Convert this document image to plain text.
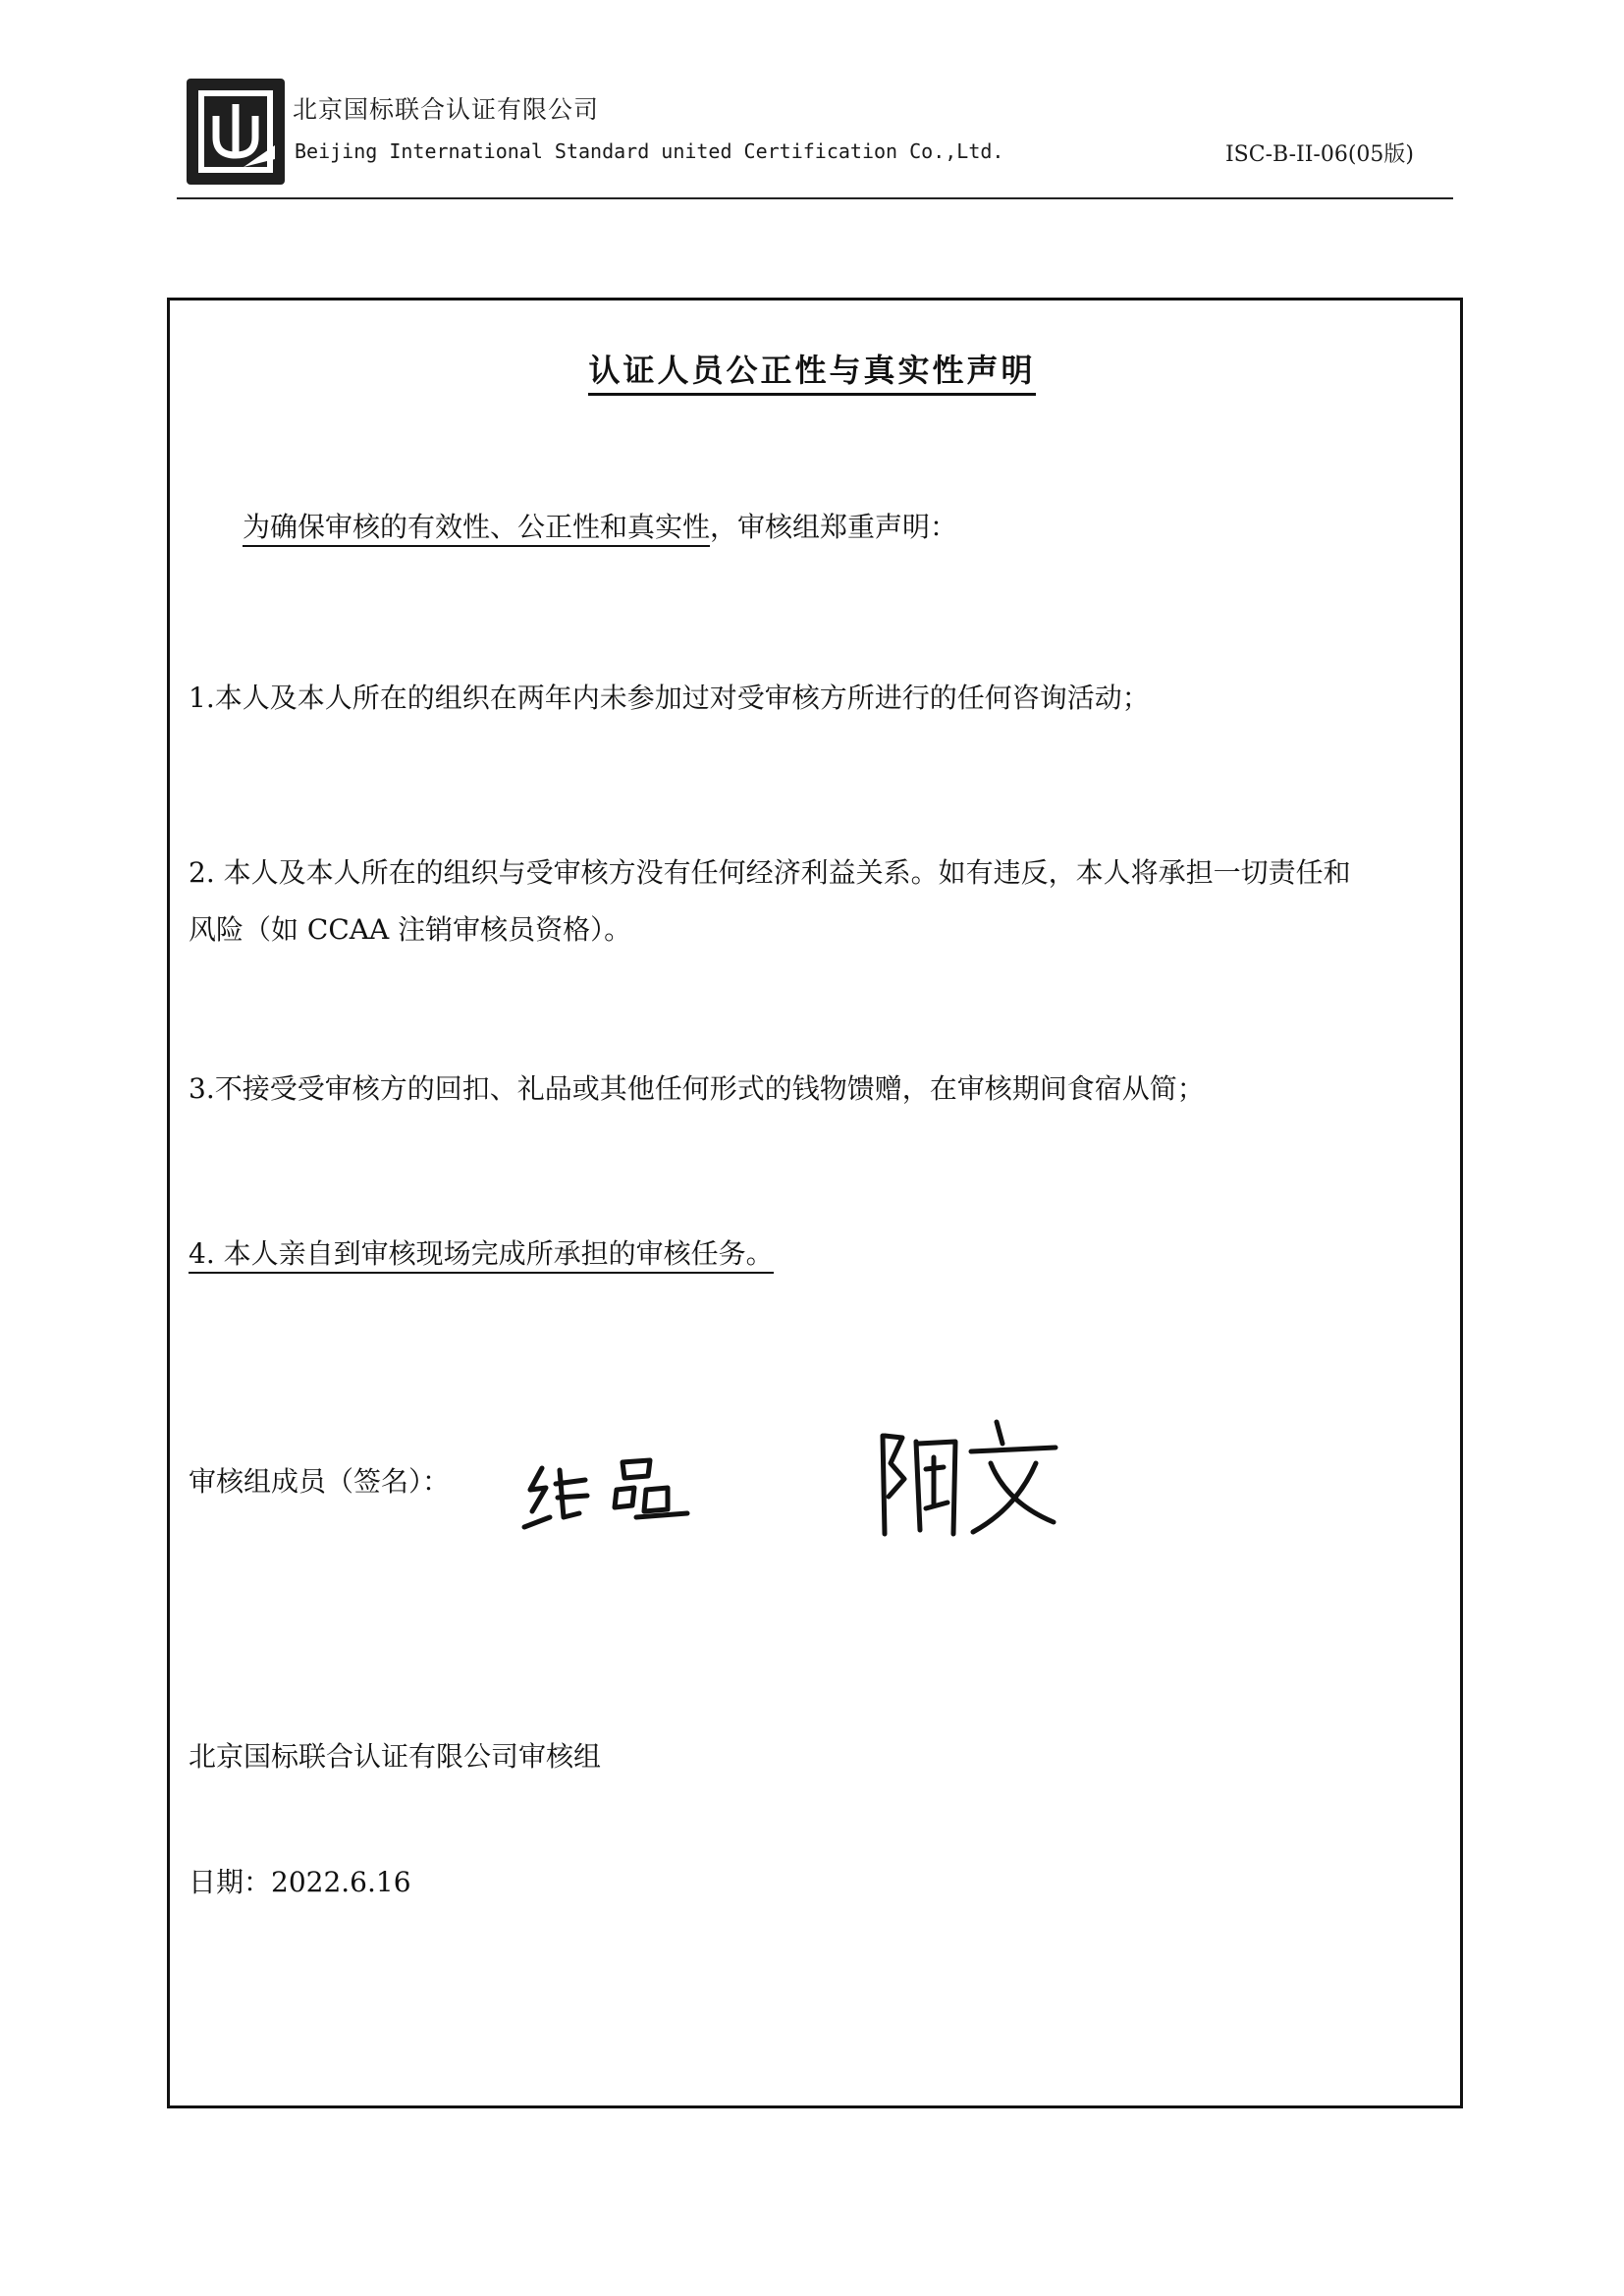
北京国标联合认证有限公司
Beijing International Standard united Certification Co.,Ltd.	ISC-B-II-06(05版)
认证人员公正性与真实性声明
为确保审核的有效性、公正性和真实性，审核组郑重声明：
1.本人及本人所在的组织在两年内未参加过对受审核方所进行的任何咨询活动；
2. 本人及本人所在的组织与受审核方没有任何经济利益关系。如有违反，本人将承担一切责任和
风险（如 CCAA 注销审核员资格）。
3.不接受受审核方的回扣、礼品或其他任何形式的钱物馈赠，在审核期间食宿从简；
4. 本人亲自到审核现场完成所承担的审核任务。
审核组成员（签名）：
北京国标联合认证有限公司审核组
日期：2022.6.16
